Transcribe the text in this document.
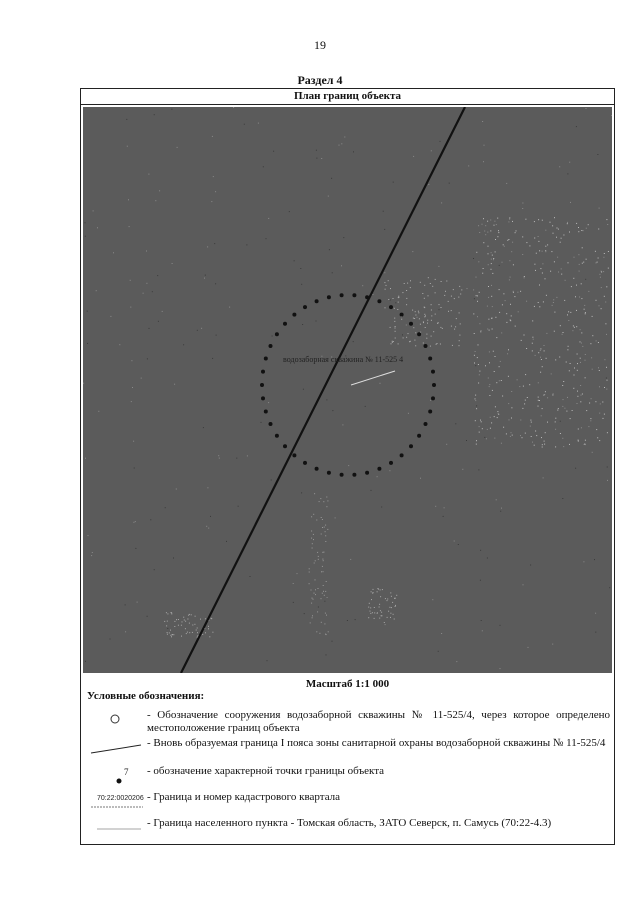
19
Раздел 4
План границ объекта
водозаборная скважина № 11-525 4
Масштаб 1:1 000
Условные обозначения:
- Обозначение сооружения водозаборной скважины № 11-525/4, через которое определено местоположение границ объекта
- Вновь образуемая граница I пояса зоны санитарной охраны водозаборной скважины № 11-525/4
7 - обозначение характерной точки границы объекта
70:22:0020206 - Граница и номер кадастрового квартала
- Граница населенного пункта - Томская область, ЗАТО Северск, п. Самусь (70:22-4.3)
